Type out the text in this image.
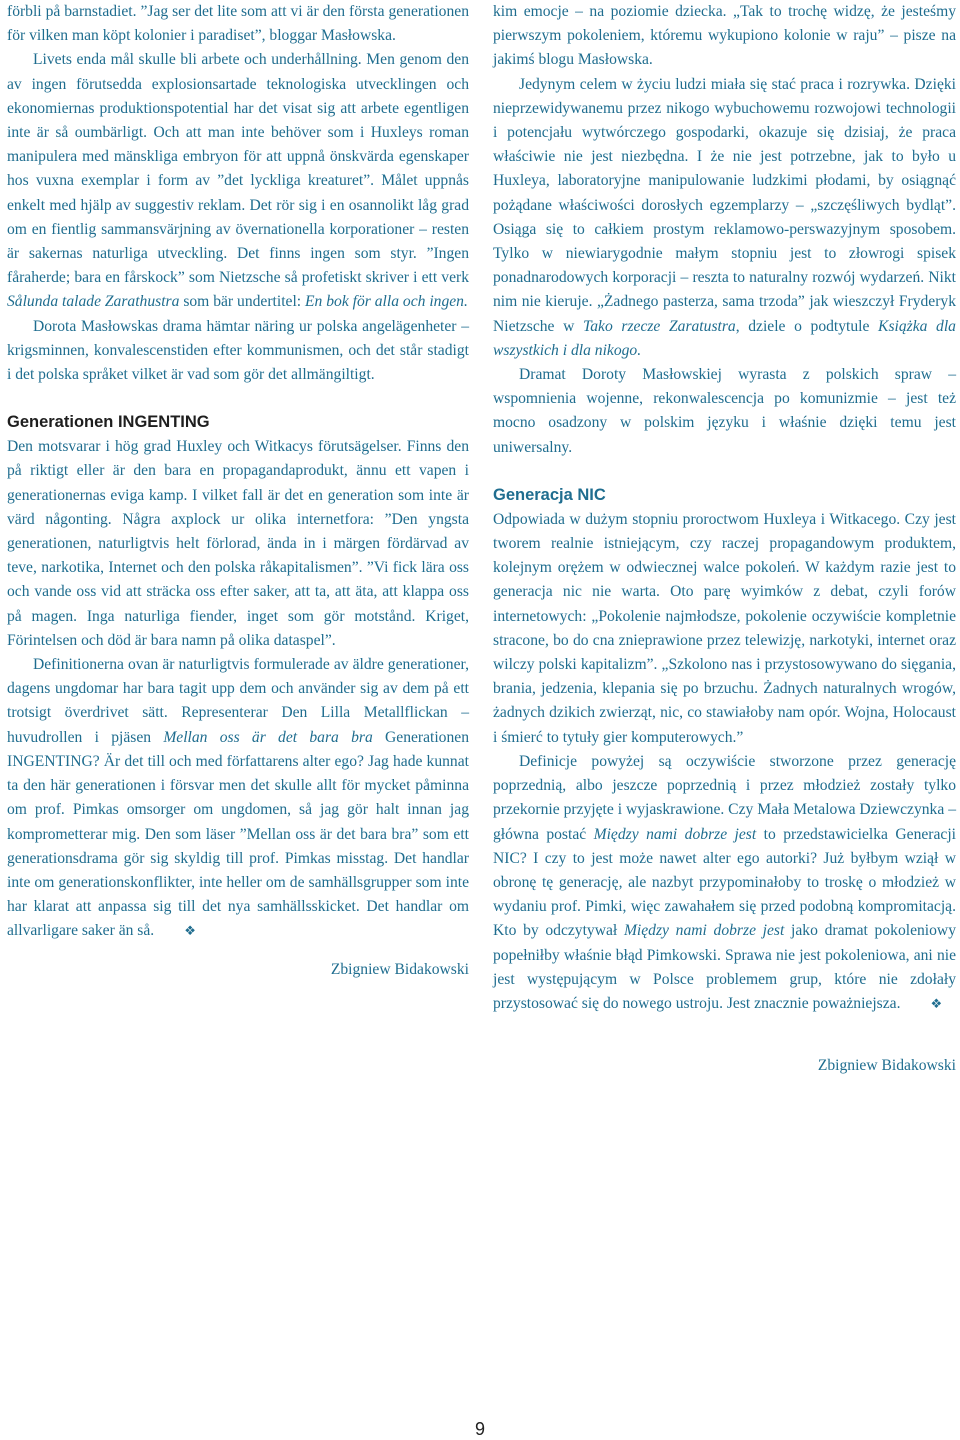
förbli på barnstadiet. ”Jag ser det lite som att vi är den första generationen för vilken man köpt kolonier i paradiset”, bloggar Masłowska.

Livets enda mål skulle bli arbete och underhållning. Men genom den av ingen förutsedda explosionsartade teknologiska utvecklingen och ekonomiernas produktionspotential har det visat sig att arbete egentligen inte är så oumbärligt. Och att man inte behöver som i Huxleys roman manipulera med mänskliga embryon för att uppnå önskvärda egenskaper hos vuxna exemplar i form av ”det lyckliga kreaturet”. Målet uppnås enkelt med hjälp av suggestiv reklam. Det rör sig i en osannolikt låg grad om en fientlig sammansvärjning av övernationella korporationer – resten är sakernas naturliga utveckling. Det finns ingen som styr. ”Ingen fåraherde; bara en fårskock” som Nietzsche så profetiskt skriver i ett verk Sålunda talade Zarathustra som bär undertitel: En bok för alla och ingen.

Dorota Masłowskas drama hämtar näring ur polska angelägenheter – krigsminnen, konvalescenstiden efter kommunismen, och det står stadigt i det polska språket vilket är vad som gör det allmängiltigt.

Generationen INGENTING

Den motsvarar i hög grad Huxley och Witkacys förutsägelser. Finns den på riktigt eller är den bara en propagandaprodukt, ännu ett vapen i generationernas eviga kamp. I vilket fall är det en generation som inte är värd någonting. Några axplock ur olika internetforа: ”Den yngsta generationen, naturligtvis helt förlorad, ända in i märgen fördärvad av teve, narkotika, Internet och den polska råkapitalismen”. ”Vi fick lära oss och vande oss vid att sträcka oss efter saker, att ta, att äta, att klappa oss på magen. Inga naturliga fiender, inget som gör motstånd. Kriget, Förintelsen och död är bara namn på olika dataspel”.

Definitionerna ovan är naturligtvis formulerade av äldre generationer, dagens ungdomar har bara tagit upp dem och använder sig av dem på ett trotsigt överdrivet sätt. Representerar Den Lilla Metallflickan – huvudrollen i pjäsen Mellan oss är det bara bra Generationen INGENTING? Är det till och med författarens alter ego? Jag hade kunnat ta den här generationen i försvar men det skulle allt för mycket påminna om prof. Pimkas omsorger om ungdomen, så jag gör halt innan jag komprometterar mig. Den som läser ”Mellan oss är det bara bra” som ett generationsdrama gör sig skyldig till prof. Pimkas misstag. Det handlar inte om generationskonflikter, inte heller om de samhällsgrupper som inte har klarat att anpassa sig till det nya samhällsskicket. Det handlar om allvarligare saker än så. ❖

Zbigniew Bidakowski

kim emocje – na poziomie dziecka. „Tak to trochę widzę, że jesteśmy pierwszym pokoleniem, któremu wykupiono kolonie w raju” – pisze na jakimś blogu Masłowska.

Jedynym celem w życiu ludzi miała się stać praca i rozrywka. Dzięki nieprzewidywanemu przez nikogo wybuchowemu rozwojowi technologii i potencjału wytwórczego gospodarki, okazuje się dzisiaj, że praca właściwie nie jest niezbędna. I że nie jest potrzebne, jak to było u Huxleya, laboratoryjne manipulowanie ludzkimi płodami, by osiągnąć pożądane właściwości dorosłych egzemplarzy – „szczęśliwych bydląt”. Osiąga się to całkiem prostym reklamowo-perswazyjnym sposobem. Tylko w niewiarygodnie małym stopniu jest to złowrogi spisek ponadnarodowych korporacji – reszta to naturalny rozwój wydarzeń. Nikt nim nie kieruje. „Żadnego pasterza, sama trzoda” jak wieszczył Fryderyk Nietzsche w Tako rzecze Zaratustra, dziele o podtytule Książka dla wszystkich i dla nikogo.

Dramat Doroty Masłowskiej wyrasta z polskich spraw – wspomnienia wojenne, rekonwalescencja po komunizmie – jest też mocno osadzony w polskim języku i właśnie dzięki temu jest uniwersalny.

Generacja NIC

Odpowiada w dużym stopniu proroctwom Huxleya i Witkacego. Czy jest tworem realnie istniejącym, czy raczej propagandowym produktem, kolejnym orężem w odwiecznej walce pokoleń. W każdym razie jest to generacja nic nie warta. Oto parę wyimków z debat, czyli forów internetowych: „Pokolenie najmłodsze, pokolenie oczywiście kompletnie stracone, bo do cna znieprawione przez telewizję, narkotyki, internet oraz wilczy polski kapitalizm”. „Szkolono nas i przystosowywano do sięgania, brania, jedzenia, klepania się po brzuchu. Żadnych naturalnych wrogów, żadnych dzikich zwierząt, nic, co stawiałoby nam opór. Wojna, Holocaust i śmierć to tytuły gier komputerowych.”

Definicje powyżej są oczywiście stworzone przez generację poprzednią, albo jeszcze poprzednią i przez młodzież zostały tylko przekornie przyjęte i wyjaskrawione. Czy Mała Metalowa Dziewczynka – główna postać Między nami dobrze jest to przedstawicielka Generacji NIC? I czy to jest może nawet alter ego autorki? Już byłbym wziął w obronę tę generację, ale nazbyt przypominałoby to troskę o młodzież w wydaniu prof. Pimki, więc zawahałem się przed podobną kompromitacją. Kto by odczytywał Między nami dobrze jest jako dramat pokoleniowy popełniłby właśnie błąd Pimkowski. Sprawa nie jest pokoleniowa, ani nie jest występującym w Polsce problemem grup, które nie zdołały przystosować się do nowego ustroju. Jest znacznie poważniejsza. ❖

Zbigniew Bidakowski

9
